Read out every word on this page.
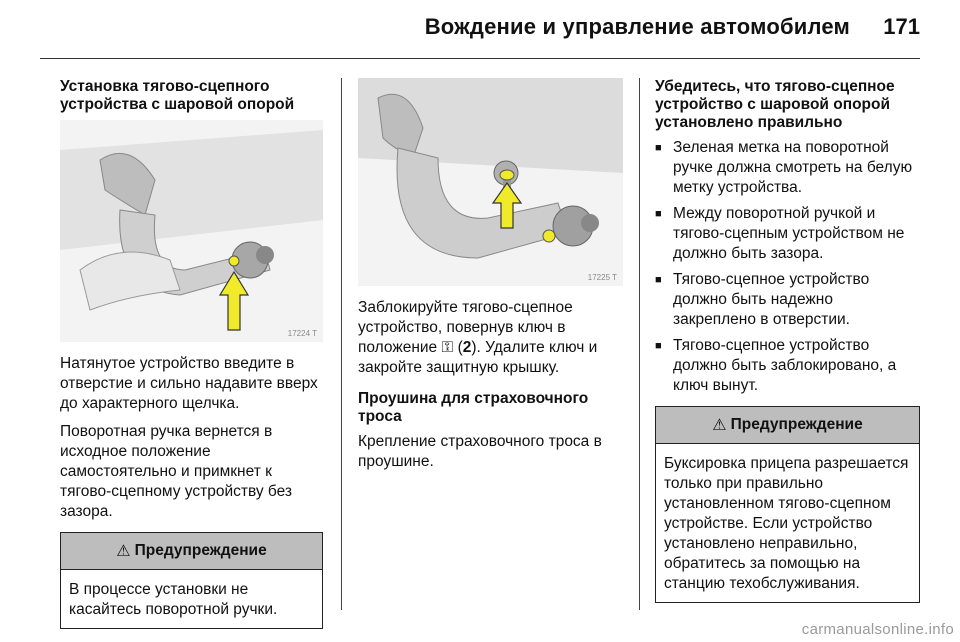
Вождение и управление автомобилем 171
Установка тягово-сцепного устройства с шаровой опорой
17224 T

Натянутое устройство введите в отверстие и сильно надавите вверх до характерного щелчка.

Поворотная ручка вернется в исходное положение самостоятельно и примкнет к тягово-сцепному устройству без зазора.

⚠ Предупреждение
В процессе установки не касайтесь поворотной ручки.
17225 T

Заблокируйте тягово-сцепное устройство, повернув ключ в положение ⚿ (2). Удалите ключ и закройте защитную крышку.

Проушина для страховочного троса

Крепление страховочного троса в проушине.

Убедитесь, что тягово-сцепное устройство с шаровой опорой установлено правильно
■ Зеленая метка на поворотной ручке должна смотреть на белую метку устройства.
■ Между поворотной ручкой и тягово-сцепным устройством не должно быть зазора.
■ Тягово-сцепное устройство должно быть надежно закреплено в отверстии.
■ Тягово-сцепное устройство должно быть заблокировано, а ключ вынут.
⚠ Предупреждение
Буксировка прицепа разрешается только при правильно установленном тягово-сцепном устройстве. Если устройство установлено неправильно, обратитесь за помощью на станцию техобслуживания.
carmanualsonline.info
